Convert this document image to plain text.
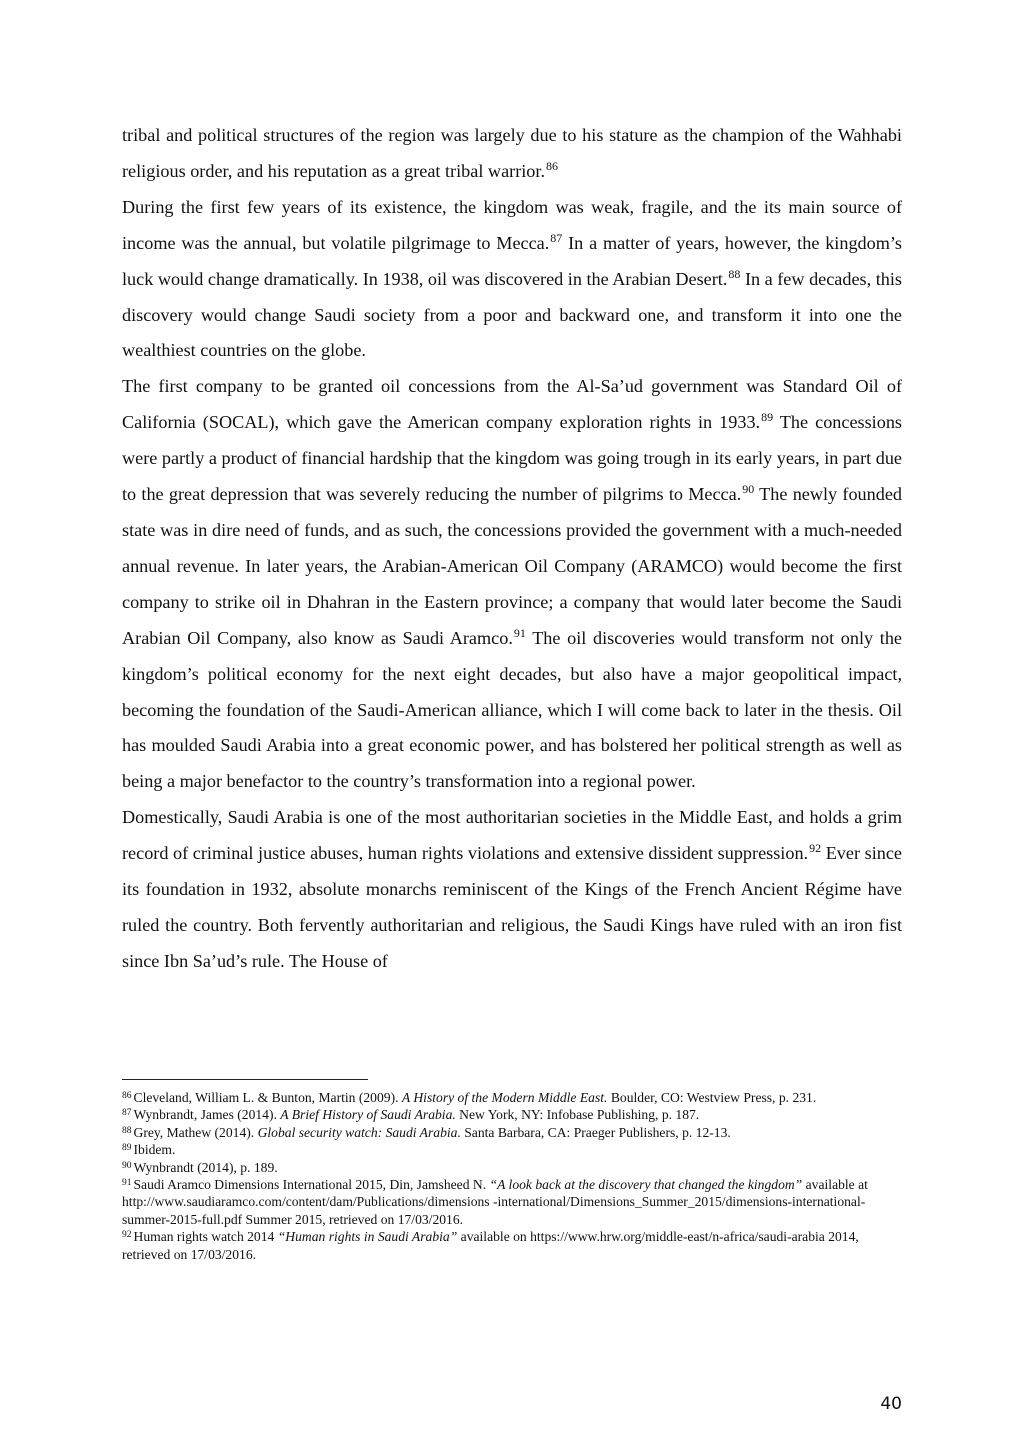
tribal and political structures of the region was largely due to his stature as the champion of the Wahhabi religious order, and his reputation as a great tribal warrior.$^{86}$

During the first few years of its existence, the kingdom was weak, fragile, and the its main source of income was the annual, but volatile pilgrimage to Mecca.$^{87}$ In a matter of years, however, the kingdom’s luck would change dramatically. In 1938, oil was discovered in the Arabian Desert.$^{88}$ In a few decades, this discovery would change Saudi society from a poor and backward one, and transform it into one the wealthiest countries on the globe.

The first company to be granted oil concessions from the Al-Sa’ud government was Standard Oil of California (SOCAL), which gave the American company exploration rights in 1933.89 The concessions were partly a product of financial hardship that the kingdom was going trough in its early years, in part due to the great depression that was severely reducing the number of pilgrims to Mecca.$^{90}$ The newly founded state was in dire need of funds, and as such, the concessions provided the government with a much-needed annual revenue. In later years, the Arabian-American Oil Company (ARAMCO) would become the first company to strike oil in Dhahran in the Eastern province; a company that would later become the Saudi Arabian Oil Company, also know as Saudi Aramco.$^{91}$ The oil discoveries would transform not only the kingdom’s political economy for the next eight decades, but also have a major geopolitical impact, becoming the foundation of the Saudi-American alliance, which I will come back to later in the thesis. Oil has moulded Saudi Arabia into a great economic power, and has bolstered her political strength as well as being a major benefactor to the country’s transformation into a regional power.

Domestically, Saudi Arabia is one of the most authoritarian societies in the Middle East, and holds a grim record of criminal justice abuses, human rights violations and extensive dissident suppression.$^{92}$ Ever since its foundation in 1932, absolute monarchs reminiscent of the Kings of the French Ancient Régime have ruled the country. Both fervently authoritarian and religious, the Saudi Kings have ruled with an iron fist since Ibn Sa’ud’s rule. The House of

$^{86}$ Cleveland, William L. & Bunton, Martin (2009). A History of the Modern Middle East. Boulder, CO: Westview Press, p. 231.

$^{87}$ Wynbrandt, James (2014). A Brief History of Saudi Arabia. New York, NY: Infobase Publishing, p. 187.

$^{88}$ Grey, Mathew (2014). Global security watch: Saudi Arabia. Santa Barbara, CA: Praeger Publishers, p. 12-13.

$^{89}$ Ibidem.

$^{90}$ Wynbrandt (2014), p. 189.

$^{91}$ Saudi Aramco Dimensions International 2015, Din, Jamsheed N. “A look back at the discovery that changed the kingdom” available at http://www.saudiaramco.com/content/dam/Publications/dimensions -international/Dimensions_Summer_2015/dimensions-international-summer-2015-full.pdf Summer 2015, retrieved on 17/03/2016.

$^{92}$ Human rights watch 2014 “Human rights in Saudi Arabia” available on https://www.hrw.org/middle-east/n-africa/saudi-arabia 2014, retrieved on 17/03/2016.

40
